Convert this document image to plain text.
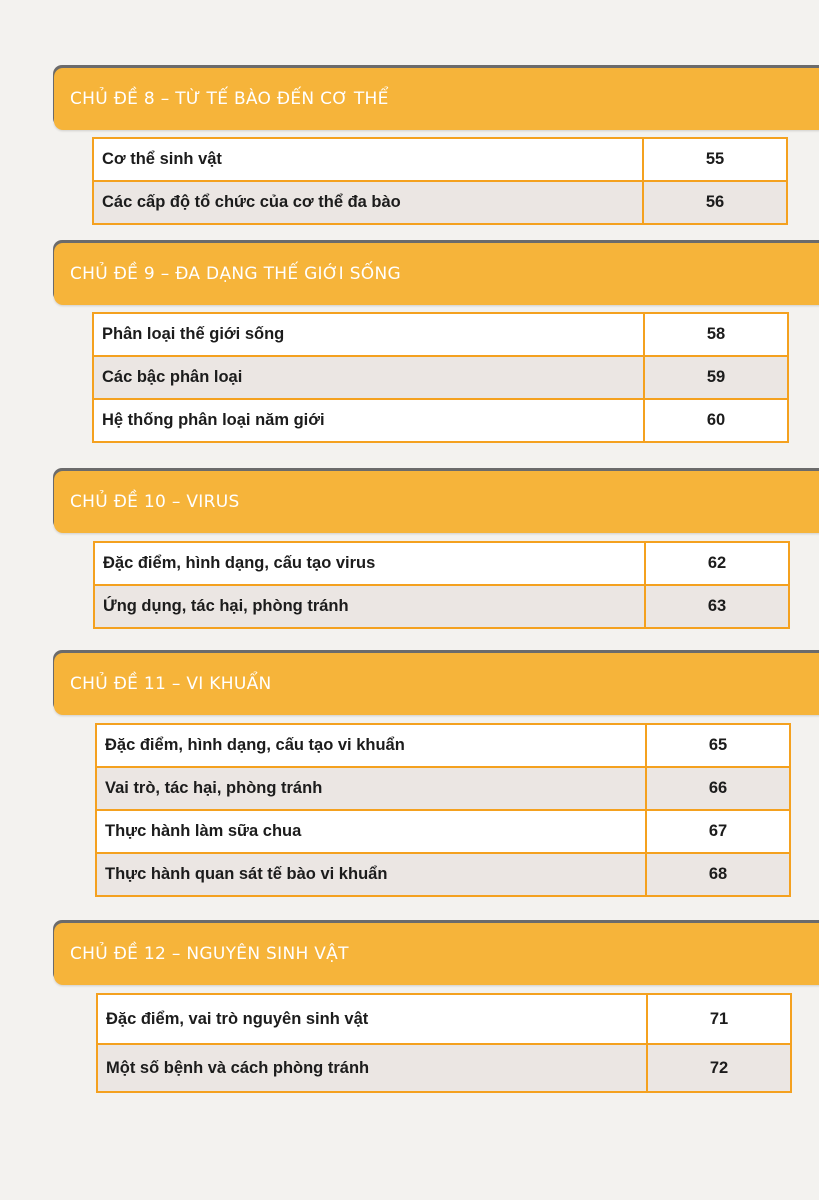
CHỦ ĐỀ 8 – TỪ TẾ BÀO ĐẾN CƠ THỂ
Cơ thể sinh vật	55
Các cấp độ tổ chức của cơ thể đa bào	56
CHỦ ĐỀ 9 – ĐA DẠNG THẾ GIỚI SỐNG
Phân loại thế giới sống	58
Các bậc phân loại	59
Hệ thống phân loại năm giới	60
CHỦ ĐỀ 10 – VIRUS
Đặc điểm, hình dạng, cấu tạo virus	62
Ứng dụng, tác hại, phòng tránh	63
CHỦ ĐỀ 11 – VI KHUẨN
Đặc điểm, hình dạng, cấu tạo vi khuẩn	65
Vai trò, tác hại, phòng tránh	66
Thực hành làm sữa chua	67
Thực hành quan sát tế bào vi khuẩn	68
CHỦ ĐỀ 12 – NGUYÊN SINH VẬT
Đặc điểm, vai trò nguyên sinh vật	71
Một số bệnh và cách phòng tránh	72
